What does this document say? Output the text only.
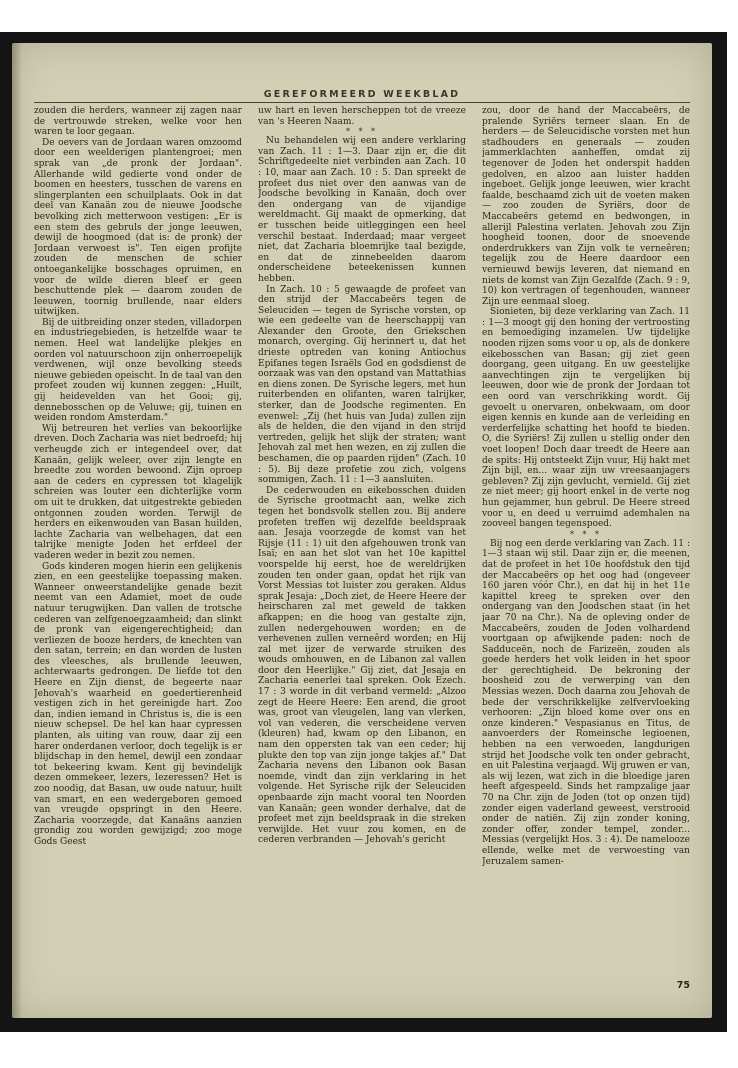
GEREFORMEERD WEEKBLAD

zouden die herders, wanneer zij zagen naar de vertrouwde streken, welke voor hen waren te loor gegaan.

De oevers van de Jordaan waren omzoomd door een weelderigen plantengroei; men sprak van „de pronk der Jordaan". Allerhande wild gedierte vond onder de boomen en heesters, tusschen de varens en slingerplanten een schuilplaats. Ook in dat deel van Kanaän zou de nieuwe Joodsche bevolking zich metterwoon vestigen: „Er is een stem des gebruls der jonge leeuwen, dewijl de hoogmoed (dat is: de pronk) der Jordaan verwoest is". Ten eigen profijte zouden de menschen de schier ontoegankelijke bosschages opruimen, en voor de wilde dieren bleef er geen beschuttende plek — daarom zouden de leeuwen, toornig brullende, naar elders uitwijken.

Bij de uitbreiding onzer steden, villadorpen en industriegebieden, is hetzelfde waar te nemen. Heel wat landelijke plekjes en oorden vol natuurschoon zijn onherroepelijk verdwenen, wijl onze bevolking steeds nieuwe gebieden opeischt. In de taal van den profeet zouden wij kunnen zeggen: „Huilt, gij heidevelden van het Gooi; gij, dennebosschen op de Veluwe; gij, tuinen en weiden rondom Amsterdam."

Wij betreuren het verlies van bekoorlijke dreven. Doch Zacharia was niet bedroefd; hij verheugde zich er integendeel over, dat Kanaän, gelijk weleer, over zijn lengte en breedte zou worden bewoond. Zijn oproep aan de ceders en cypressen tot klagelijk schreien was louter een dichterlijke vorm om uit te drukken, dat uitgestrekte gebieden ontgonnen zouden worden. Terwijl de herders en eikenwouden van Basan huilden, lachte Zacharia van welbehagen, dat een talrijke menigte Joden het erfdeel der vaderen weder in bezit zou nemen.

Gods kinderen mogen hierin een gelijkenis zien, en een geestelijke toepassing maken. Wanneer onweerstandelijke genade bezit neemt van een Adamiet, moet de oude natuur terugwijken. Dan vallen de trotsche cederen van zelfgenoegzaamheid; dan slinkt de pronk van eigengerechtigheid; dan verliezen de booze herders, de knechten van den satan, terrein; en dan worden de lusten des vleesches, als brullende leeuwen, achterwaarts gedrongen. De liefde tot den Heere en Zijn dienst, de begeerte naar Jehovah's waarheid en goedertierenheid vestigen zich in het gereinigde hart. Zoo dan, indien iemand in Christus is, die is een nieuw schepsel. De hel kan haar cypressen planten, als uiting van rouw, daar zij een harer onderdanen verloor, doch tegelijk is er blijdschap in den hemel, dewijl een zondaar tot bekeering kwam. Kent gij bevindelijk dezen ommekeer, lezers, lezeressen? Het is zoo noodig, dat Basan, uw oude natuur, huilt van smart, en een wedergeboren gemoed van vreugde opspringt in den Heere. Zacharia voorzegde, dat Kanaäns aanzien grondig zou worden gewijzigd; zoo moge Gods Geest

uw hart en leven herscheppen tot de vreeze van 's Heeren Naam.

* * *

Nu behandelen wij een andere verklaring van Zach. 11 : 1—3. Daar zijn er, die dit Schriftgedeelte niet verbinden aan Zach. 10 : 10, maar aan Zach. 10 : 5. Dan spreekt de profeet dus niet over den aanwas van de Joodsche bevolking in Kanaän, doch over den ondergang van de vijandige wereldmacht. Gij maakt de opmerking, dat er tusschen beide uitleggingen een heel verschil bestaat. Inderdaad; maar vergeet niet, dat Zacharia bloemrijke taal bezigde, en dat de zinnebeelden daarom onderscheidene beteekenissen kunnen hebben.

In Zach. 10 : 5 gewaagde de profeet van den strijd der Maccabeërs tegen de Seleuciden — tegen de Syrische vorsten, op wie een gedeelte van de heerschappij van Alexander den Groote, den Griekschen monarch, overging. Gij herinnert u, dat het drieste optreden van koning Antiochus Epifanes tegen Israëls God en godsdienst de oorzaak was van den opstand van Mattathias en diens zonen. De Syrische legers, met hun ruiterbenden en olifanten, waren talrijker, sterker, dan de Joodsche regimenten. En evenwel: „Zij (het huis van Juda) zullen zijn als de helden, die den vijand in den strijd vertreden, gelijk het slijk der straten; want Jehovah zal met hen wezen, en zij zullen die beschamen, die op paarden rijden" (Zach. 10 : 5). Bij deze profetie zou zich, volgens sommigen, Zach. 11 : 1—3 aansluiten.

De cederwouden en eikebosschen duiden de Syrische grootmacht aan, welke zich tegen het bondsvolk stellen zou. Bij andere profeten treffen wij dezelfde beeldspraak aan. Jesaja voorzegde de komst van het Rijsje (11 : 1) uit den afgehouwen tronk van Isaï; en aan het slot van het 10e kapittel voorspelde hij eerst, hoe de wereldrijken zouden ten onder gaan, opdat het rijk van Vorst Messias tot luister zou geraken. Aldus sprak Jesaja: „Doch ziet, de Heere Heere der heirscharen zal met geweld de takken afkappen; en die hoog van gestalte zijn, zullen nedergehouwen worden; en de verhevenen zullen verneêrd worden; en Hij zal met ijzer de verwarde struiken des wouds omhouwen, en de Libanon zal vallen door den Heerlijke." Gij ziet, dat Jesaja en Zacharia eenerlei taal spreken. Ook Ezech. 17 : 3 worde in dit verband vermeld: „Alzoo zegt de Heere Heere: Een arend, die groot was, groot van vleugelen, lang van vlerken, vol van vederen, die verscheidene verven (kleuren) had, kwam op den Libanon, en nam den oppersten tak van een ceder; hij plukte den top van zijn jonge takjes af." Dat Zacharia nevens den Libanon ook Basan noemde, vindt dan zijn verklaring in het volgende. Het Syrische rijk der Seleuciden openbaarde zijn macht vooral ten Noorden van Kanaän; geen wonder derhalve, dat de profeet met zijn beeldspraak in die streken verwijlde. Het vuur zou komen, en de cederen verbranden — Jehovah's gericht

zou, door de hand der Maccabeërs, de pralende Syriërs terneer slaan. En de herders — de Seleucidische vorsten met hun stadhouders en generaals — zouden jammerklachten aanheffen, omdat zij tegenover de Joden het onderspit hadden gedolven, en alzoo aan luister hadden ingeboet. Gelijk jonge leeuwen, wier kracht faalde, beschaamd zich uit de voeten maken — zoo zouden de Syriërs, door de Maccabeërs getemd en bedwongen, in allerijl Palestina verlaten. Jehovah zou Zijn hoogheid toonen, door de snoevende onderdrukkers van Zijn volk te verneêren; tegelijk zou de Heere daardoor een vernieuwd bewijs leveren, dat niemand en niets de komst van Zijn Gezalfde (Zach. 9 : 9, 10) kon vertragen of tegenhouden, wanneer Zijn ure eenmaal sloeg.

Sionieten, bij deze verklaring van Zach. 11 : 1—3 moogt gij den honing der vertroosting en bemoediging inzamelen. Uw tijdelijke nooden rijzen soms voor u op, als de donkere eikebosschen van Basan; gij ziet geen doorgang, geen uitgang. En uw geestelijke aanvechtingen zijn te vergelijken bij leeuwen, door wie de pronk der Jordaan tot een oord van verschrikking wordt. Gij gevoelt u onervaren, onbekwaam, om door eigen kennis en kunde aan de verleiding en verderfelijke schatting het hoofd te bieden. O, die Syriërs! Zij zullen u stellig onder den voet loopen! Doch daar treedt de Heere aan de spits: Hij ontsteekt Zijn vuur, Hij hakt met Zijn bijl, en... waar zijn uw vreesaanjagers gebleven? Zij zijn gevlucht, vernield. Gij ziet ze niet meer; gij hoort enkel in de verte nog hun gejammer, hun gebrul. De Heere streed voor u, en deed u verruimd ademhalen na zooveel bangen tegenspoed.

* * *

Bij nog een derde verklaring van Zach. 11 : 1—3 staan wij stil. Daar zijn er, die meenen, dat de profeet in het 10e hoofdstuk den tijd der Maccabeërs op het oog had (ongeveer 160 jaren vóór Chr.), en dat hij in het 11e kapittel kreeg te spreken over den ondergang van den Joodschen staat (in het jaar 70 na Chr.). Na de opleving onder de Maccabeërs, zouden de Joden volhardend voortgaan op afwijkende paden: noch de Sadduceën, noch de Farizeën, zouden als goede herders het volk leiden in het spoor der gerechtigheid. De bekroning der boosheid zou de verwerping van den Messias wezen. Doch daarna zou Jehovah de bede der verschrikkelijke zelfvervloeking verhooren: „Zijn bloed kome over ons en onze kinderen." Vespasianus en Titus, de aanvoerders der Romeinsche legioenen, hebben na een verwoeden, langdurigen strijd het Joodsche volk ten onder gebracht, en uit Palestina verjaagd. Wij gruwen er van, als wij lezen, wat zich in die bloedige jaren heeft afgespeeld. Sinds het rampzalige jaar 70 na Chr. zijn de Joden (tot op onzen tijd) zonder eigen vaderland geweest, verstrooid onder de natiën. Zij zijn zonder koning, zonder offer, zonder tempel, zonder... Messias (vergelijkt Hos. 3 : 4). De namelooze ellende, welke met de verwoesting van Jeruzalem samen-

75
